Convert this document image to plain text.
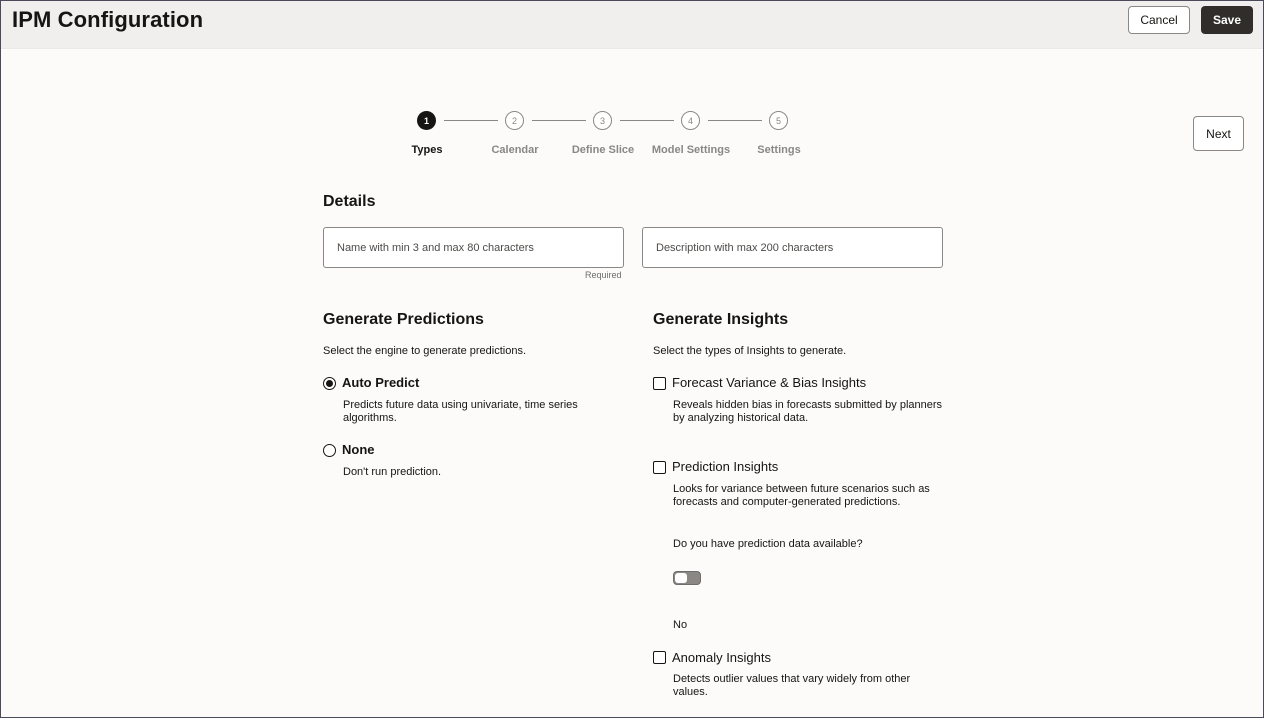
IPM Configuration	Cancel	Save
1	2	3	4	5
Types	Calendar	Define Slice	Model Settings	Settings
Next
Details
Name with min 3 and max 80 characters
Required
Description with max 200 characters
Generate Predictions
Select the engine to generate predictions.
Auto Predict
Predicts future data using univariate, time series algorithms.
None
Don't run prediction.
Generate Insights
Select the types of Insights to generate.
Forecast Variance & Bias Insights
Reveals hidden bias in forecasts submitted by planners by analyzing historical data.
Prediction Insights
Looks for variance between future scenarios such as forecasts and computer-generated predictions.
Do you have prediction data available?
No
Anomaly Insights
Detects outlier values that vary widely from other values.
